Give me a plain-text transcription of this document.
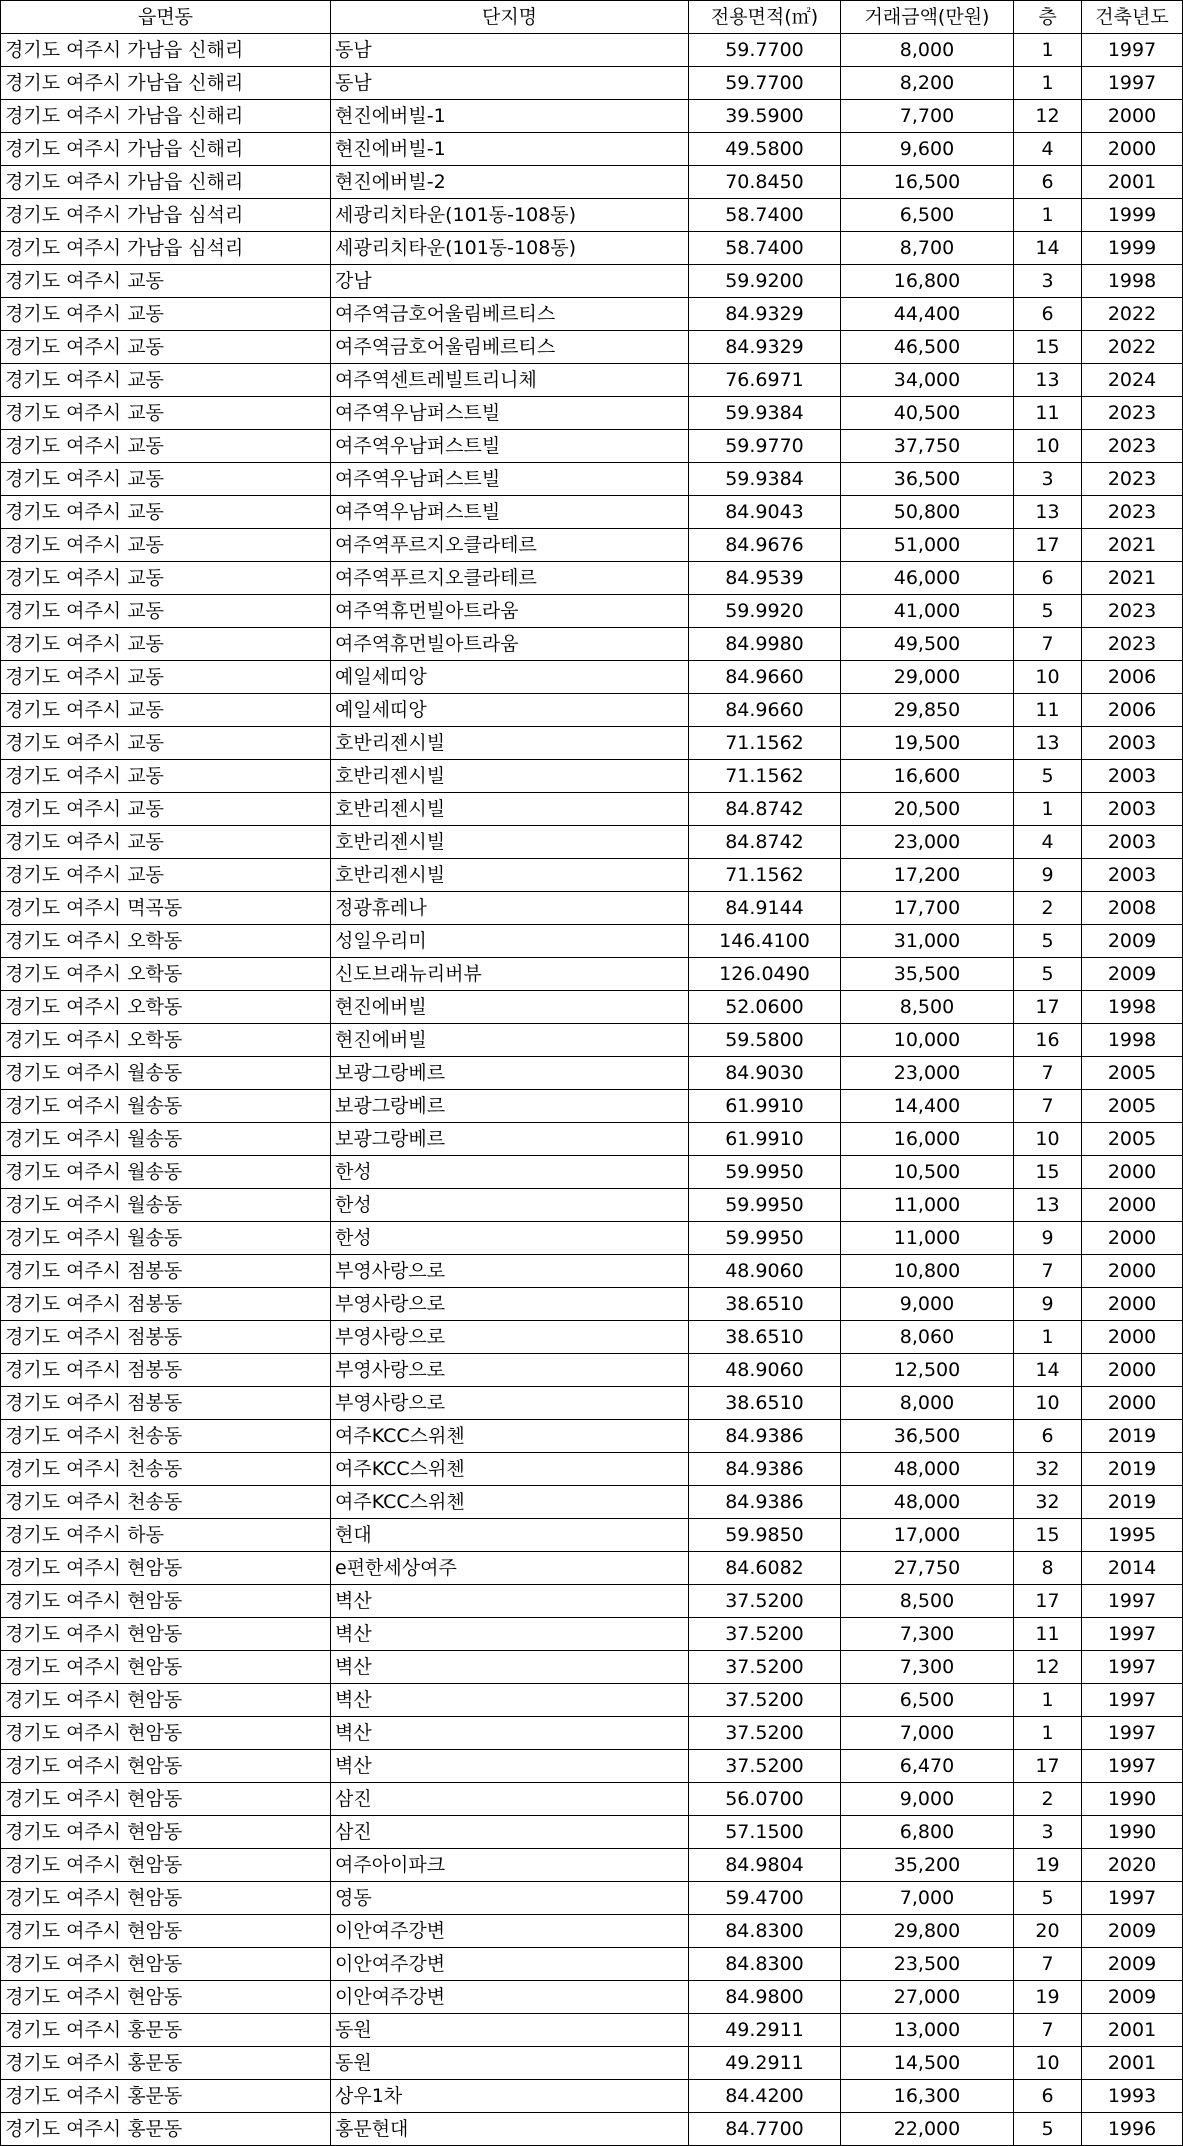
읍면동	단지명	전용면적(㎡)	거래금액(만원)	층	건축년도
경기도 여주시 가남읍 신해리	동남	59.7700	8,000	1	1997
경기도 여주시 가남읍 신해리	동남	59.7700	8,200	1	1997
경기도 여주시 가남읍 신해리	현진에버빌-1	39.5900	7,700	12	2000
경기도 여주시 가남읍 신해리	현진에버빌-1	49.5800	9,600	4	2000
경기도 여주시 가남읍 신해리	현진에버빌-2	70.8450	16,500	6	2001
경기도 여주시 가남읍 심석리	세광리치타운(101동-108동)	58.7400	6,500	1	1999
경기도 여주시 가남읍 심석리	세광리치타운(101동-108동)	58.7400	8,700	14	1999
경기도 여주시 교동	강남	59.9200	16,800	3	1998
경기도 여주시 교동	여주역금호어울림베르티스	84.9329	44,400	6	2022
경기도 여주시 교동	여주역금호어울림베르티스	84.9329	46,500	15	2022
경기도 여주시 교동	여주역센트레빌트리니체	76.6971	34,000	13	2024
경기도 여주시 교동	여주역우남퍼스트빌	59.9384	40,500	11	2023
경기도 여주시 교동	여주역우남퍼스트빌	59.9770	37,750	10	2023
경기도 여주시 교동	여주역우남퍼스트빌	59.9384	36,500	3	2023
경기도 여주시 교동	여주역우남퍼스트빌	84.9043	50,800	13	2023
경기도 여주시 교동	여주역푸르지오클라테르	84.9676	51,000	17	2021
경기도 여주시 교동	여주역푸르지오클라테르	84.9539	46,000	6	2021
경기도 여주시 교동	여주역휴먼빌아트라움	59.9920	41,000	5	2023
경기도 여주시 교동	여주역휴먼빌아트라움	84.9980	49,500	7	2023
경기도 여주시 교동	예일세띠앙	84.9660	29,000	10	2006
경기도 여주시 교동	예일세띠앙	84.9660	29,850	11	2006
경기도 여주시 교동	호반리젠시빌	71.1562	19,500	13	2003
경기도 여주시 교동	호반리젠시빌	71.1562	16,600	5	2003
경기도 여주시 교동	호반리젠시빌	84.8742	20,500	1	2003
경기도 여주시 교동	호반리젠시빌	84.8742	23,000	4	2003
경기도 여주시 교동	호반리젠시빌	71.1562	17,200	9	2003
경기도 여주시 멱곡동	정광휴레나	84.9144	17,700	2	2008
경기도 여주시 오학동	성일우리미	146.4100	31,000	5	2009
경기도 여주시 오학동	신도브래뉴리버뷰	126.0490	35,500	5	2009
경기도 여주시 오학동	현진에버빌	52.0600	8,500	17	1998
경기도 여주시 오학동	현진에버빌	59.5800	10,000	16	1998
경기도 여주시 월송동	보광그랑베르	84.9030	23,000	7	2005
경기도 여주시 월송동	보광그랑베르	61.9910	14,400	7	2005
경기도 여주시 월송동	보광그랑베르	61.9910	16,000	10	2005
경기도 여주시 월송동	한성	59.9950	10,500	15	2000
경기도 여주시 월송동	한성	59.9950	11,000	13	2000
경기도 여주시 월송동	한성	59.9950	11,000	9	2000
경기도 여주시 점봉동	부영사랑으로	48.9060	10,800	7	2000
경기도 여주시 점봉동	부영사랑으로	38.6510	9,000	9	2000
경기도 여주시 점봉동	부영사랑으로	38.6510	8,060	1	2000
경기도 여주시 점봉동	부영사랑으로	48.9060	12,500	14	2000
경기도 여주시 점봉동	부영사랑으로	38.6510	8,000	10	2000
경기도 여주시 천송동	여주KCC스위첸	84.9386	36,500	6	2019
경기도 여주시 천송동	여주KCC스위첸	84.9386	48,000	32	2019
경기도 여주시 천송동	여주KCC스위첸	84.9386	48,000	32	2019
경기도 여주시 하동	현대	59.9850	17,000	15	1995
경기도 여주시 현암동	e편한세상여주	84.6082	27,750	8	2014
경기도 여주시 현암동	벽산	37.5200	8,500	17	1997
경기도 여주시 현암동	벽산	37.5200	7,300	11	1997
경기도 여주시 현암동	벽산	37.5200	7,300	12	1997
경기도 여주시 현암동	벽산	37.5200	6,500	1	1997
경기도 여주시 현암동	벽산	37.5200	7,000	1	1997
경기도 여주시 현암동	벽산	37.5200	6,470	17	1997
경기도 여주시 현암동	삼진	56.0700	9,000	2	1990
경기도 여주시 현암동	삼진	57.1500	6,800	3	1990
경기도 여주시 현암동	여주아이파크	84.9804	35,200	19	2020
경기도 여주시 현암동	영동	59.4700	7,000	5	1997
경기도 여주시 현암동	이안여주강변	84.8300	29,800	20	2009
경기도 여주시 현암동	이안여주강변	84.8300	23,500	7	2009
경기도 여주시 현암동	이안여주강변	84.9800	27,000	19	2009
경기도 여주시 홍문동	동원	49.2911	13,000	7	2001
경기도 여주시 홍문동	동원	49.2911	14,500	10	2001
경기도 여주시 홍문동	상우1차	84.4200	16,300	6	1993
경기도 여주시 홍문동	홍문현대	84.7700	22,000	5	1996
